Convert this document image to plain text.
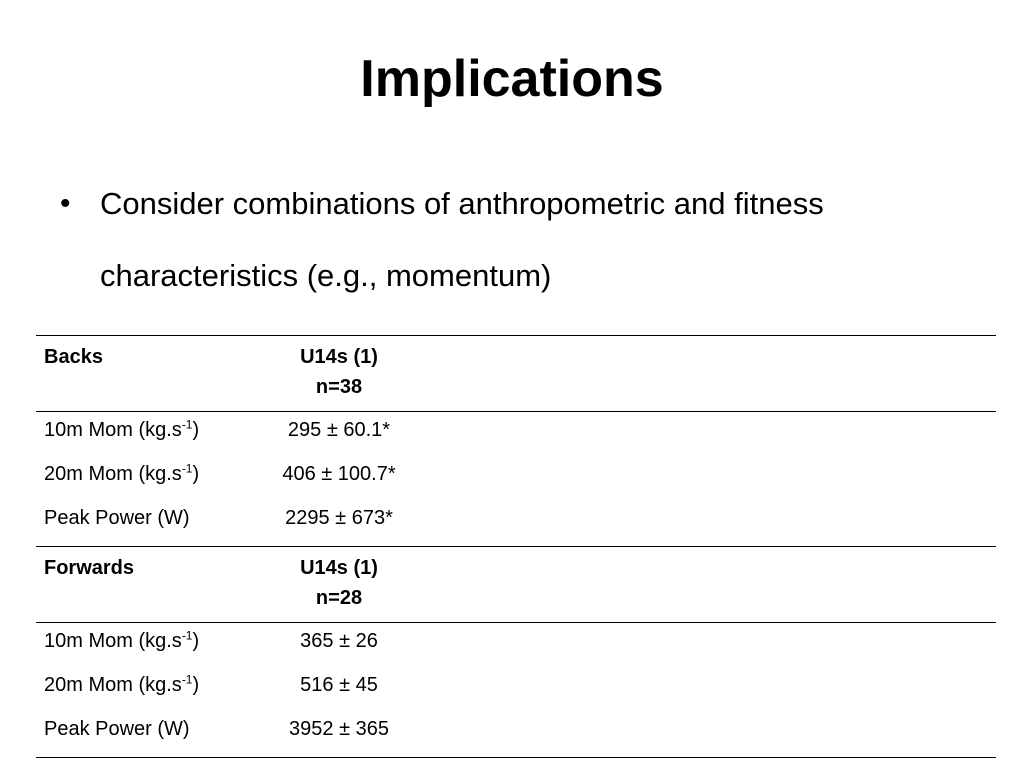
Implications
• Consider combinations of anthropometric and fitness characteristics (e.g., momentum)
Backs	U14s (1)
n=38	

10m Mom $(kg.s^{-1})$	295 ± 60.1*	
20m Mom $(kg.s^{-1})$	406 ± 100.7*	
Peak Power (W)	2295 ± 673*	
Forwards	U14s (1)
n=28	

10m Mom $(kg.s^{-1})$	365 ± 26	
20m Mom $(kg.s^{-1})$	516 ± 45	
Peak Power (W)	3952 ± 365	
